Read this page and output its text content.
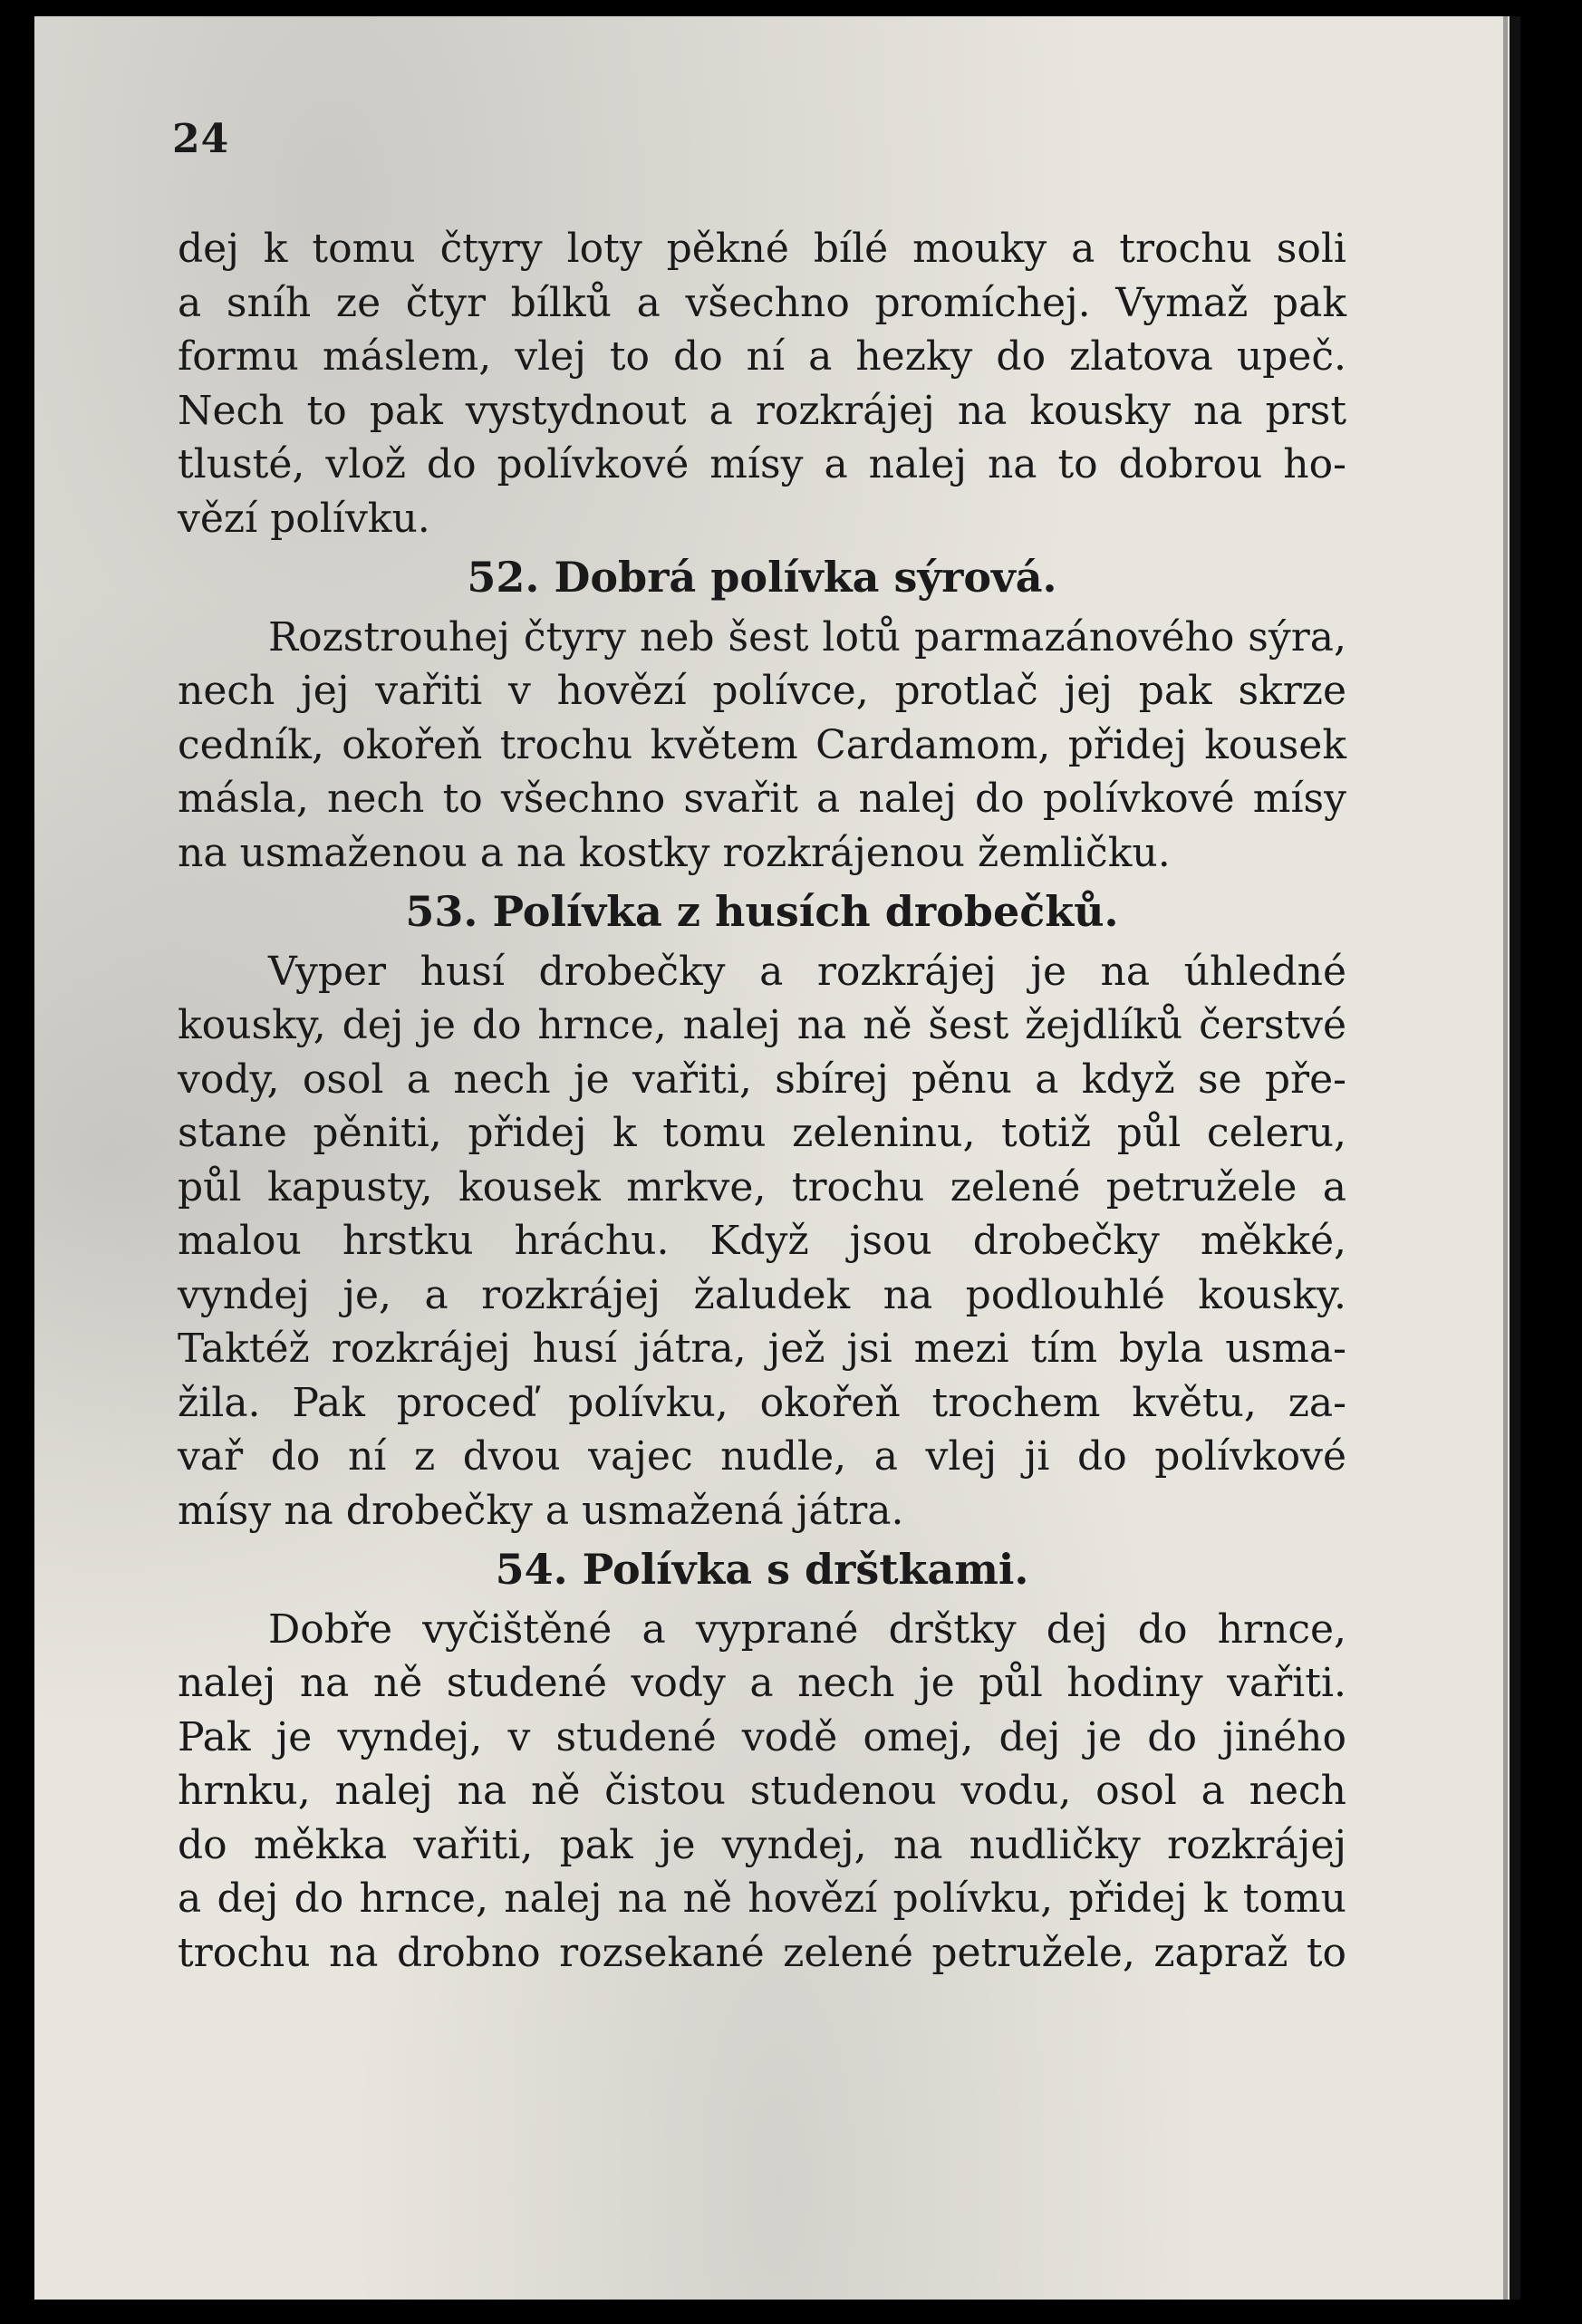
24
dej k tomu čtyry loty pěkné bílé mouky a trochu soli
a sníh ze čtyr bílků a všechno promíchej. Vymaž pak
formu máslem, vlej to do ní a hezky do zlatova upeč.
Nech to pak vystydnout a rozkrájej na kousky na prst
tlusté, vlož do polívkové mísy a nalej na to dobrou ho-
vězí polívku.
52. Dobrá polívka sýrová.
Rozstrouhej čtyry neb šest lotů parmazánového sýra,
nech jej vařiti v hovězí polívce, protlač jej pak skrze
cedník, okořeň trochu květem Cardamom, přidej kousek
másla, nech to všechno svařit a nalej do polívkové mísy
na usmaženou a na kostky rozkrájenou žemličku.
53. Polívka z husích drobečků.
Vyper husí drobečky a rozkrájej je na úhledné
kousky, dej je do hrnce, nalej na ně šest žejdlíků čerstvé
vody, osol a nech je vařiti, sbírej pěnu a když se pře-
stane pěniti, přidej k tomu zeleninu, totiž půl celeru,
půl kapusty, kousek mrkve, trochu zelené petružele a
malou hrstku hráchu. Když jsou drobečky měkké,
vyndej je, a rozkrájej žaludek na podlouhlé kousky.
Taktéž rozkrájej husí játra, jež jsi mezi tím byla usma-
žila. Pak proceď polívku, okořeň trochem květu, za-
vař do ní z dvou vajec nudle, a vlej ji do polívkové
mísy na drobečky a usmažená játra.
54. Polívka s drštkami.
Dobře vyčištěné a vyprané drštky dej do hrnce,
nalej na ně studené vody a nech je půl hodiny vařiti.
Pak je vyndej, v studené vodě omej, dej je do jiného
hrnku, nalej na ně čistou studenou vodu, osol a nech
do měkka vařiti, pak je vyndej, na nudličky rozkrájej
a dej do hrnce, nalej na ně hovězí polívku, přidej k tomu
trochu na drobno rozsekané zelené petružele, zapraž to
